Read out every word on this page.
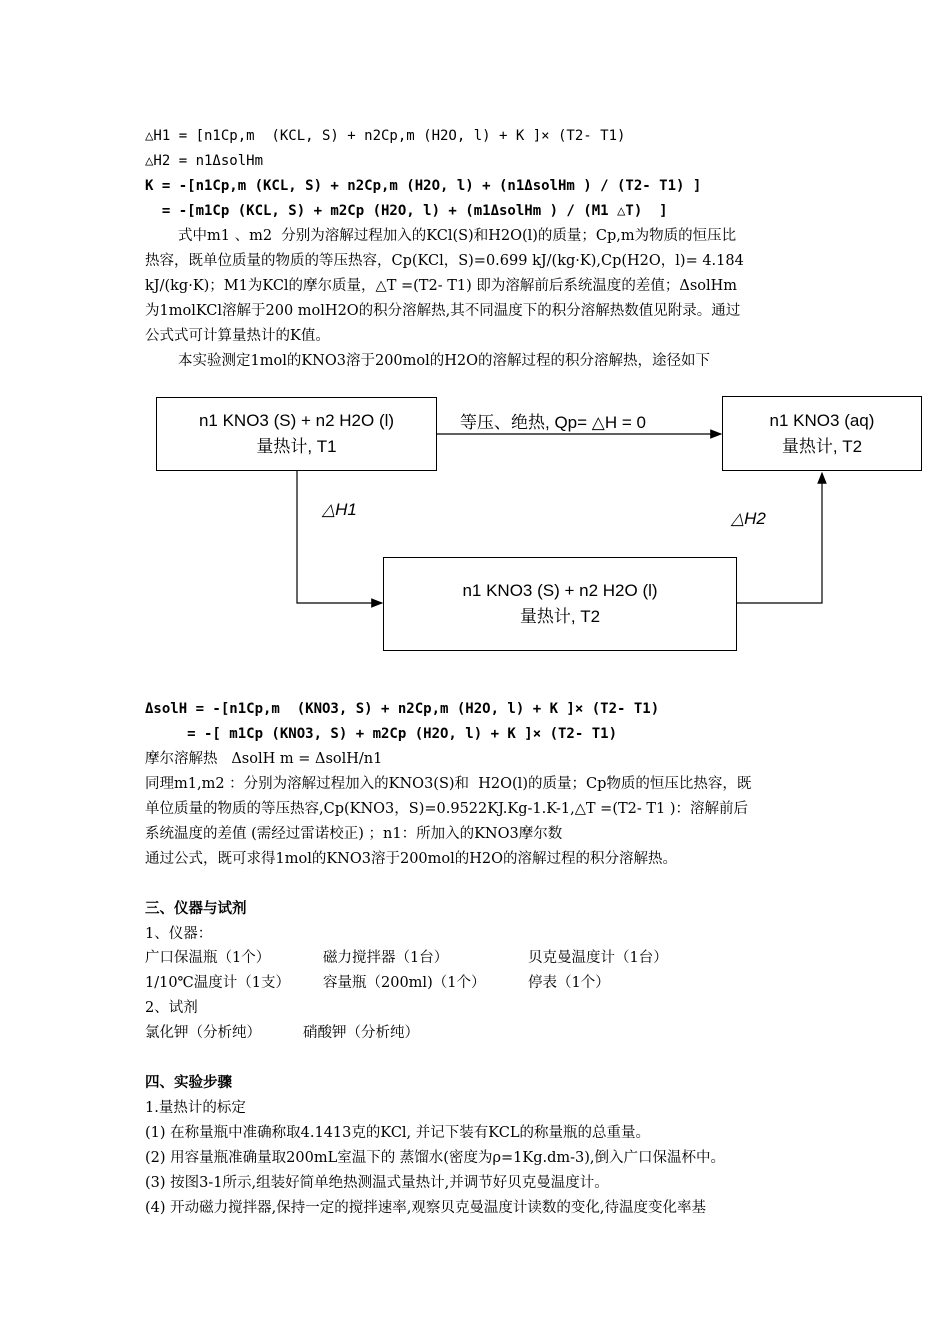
△H1 = [n1Cp,m  (KCL, S) + n2Cp,m (H2O, l) + K ]× (T2- T1)
△H2 = n1ΔsolHm
K = -[n1Cp,m (KCL, S) + n2Cp,m (H2O, l) + (n1ΔsolHm ) / (T2- T1) ]
= -[m1Cp (KCL, S) + m2Cp (H2O, l) + (m1ΔsolHm ) / (M1 △T)  ]
式中m1 、m2  分别为溶解过程加入的KCl(S)和H2O(l)的质量；Cp,m为物质的恒压比
热容，既单位质量的物质的等压热容，Cp(KCl，S)=0.699 kJ/(kg·K),Cp(H2O，l)= 4.184
kJ/(kg·K)；M1为KCl的摩尔质量，△T =(T2- T1) 即为溶解前后系统温度的差值；ΔsolHm
为1molKCl溶解于200 molH2O的积分溶解热,其不同温度下的积分溶解热数值见附录。通过
公式式可计算量热计的K值。
本实验测定1mol的KNO3溶于200mol的H2O的溶解过程的积分溶解热，途径如下
n1 KNO3 (S) + n2 H2O (l)
量热计, T1
n1 KNO3 (aq)
量热计, T2
n1 KNO3 (S) + n2 H2O (l)
量热计, T2
等压、绝热, Qp= △H = 0
△H1	△H2
ΔsolH = -[n1Cp,m  (KNO3, S) + n2Cp,m (H2O, l) + K ]× (T2- T1)
= -[ m1Cp (KNO3, S) + m2Cp (H2O, l) + K ]× (T2- T1)
摩尔溶解热   ΔsolH m = ΔsolH/n1
同理m1,m2 ：分别为溶解过程加入的KNO3(S)和  H2O(l)的质量；Cp物质的恒压比热容，既
单位质量的物质的等压热容,Cp(KNO3，S)=0.9522KJ.Kg-1.K-1,△T =(T2- T1 )：溶解前后
系统温度的差值 (需经过雷诺校正) ；n1：所加入的KNO3摩尔数
通过公式，既可求得1mol的KNO3溶于200mol的H2O的溶解过程的积分溶解热。
三、仪器与试剂
1、仪器：
广口保温瓶（1个）	磁力搅拌器（1台）	贝克曼温度计（1台）
1/10℃温度计（1支） 容量瓶（200ml)（1个）	停表（1个）
2、试剂
氯化钾（分析纯）	硝酸钾（分析纯）
四、实验步骤
1.量热计的标定
(1) 在称量瓶中准确称取4.1413克的KCl, 并记下装有KCL的称量瓶的总重量。
(2) 用容量瓶准确量取200mL室温下的 蒸馏水(密度为ρ=1Kg.dm-3),倒入广口保温杯中。
(3) 按图3-1所示,组装好简单绝热测温式量热计,并调节好贝克曼温度计。
(4) 开动磁力搅拌器,保持一定的搅拌速率,观察贝克曼温度计读数的变化,待温度变化率基
